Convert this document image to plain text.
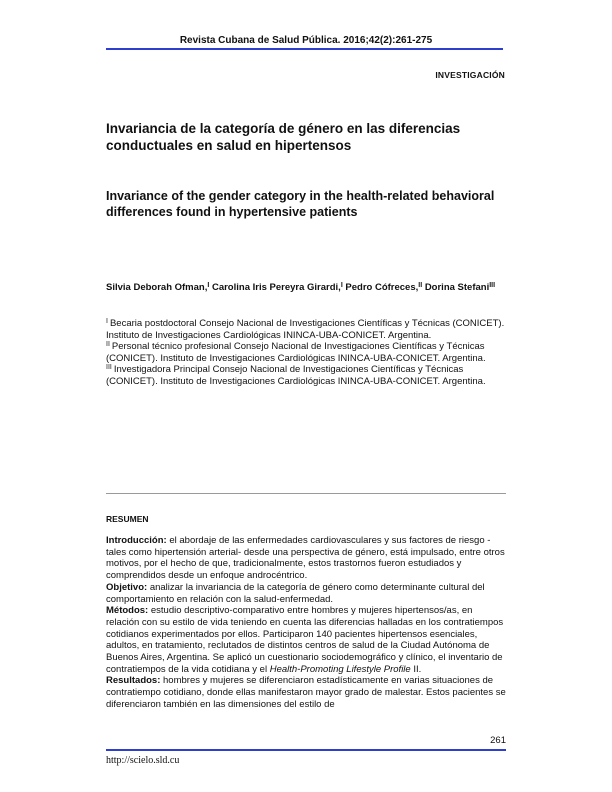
Revista Cubana de Salud Pública. 2016;42(2):261-275
INVESTIGACIÓN
Invariancia de la categoría de género en las diferencias conductuales en salud en hipertensos
Invariance of the gender category in the health-related behavioral differences found in hypertensive patients
Silvia Deborah Ofman,$^I$ Carolina Iris Pereyra Girardi,$^I$ Pedro Cófreces,$^{II}$ Dorina Stefani$^{III}$

$^I$ Becaria postdoctoral Consejo Nacional de Investigaciones Científicas y Técnicas (CONICET). Instituto de Investigaciones Cardiológicas ININCA-UBA-CONICET. Argentina.

$^{II}$ Personal técnico profesional Consejo Nacional de Investigaciones Científicas y Técnicas (CONICET). Instituto de Investigaciones Cardiológicas ININCA-UBA-CONICET. Argentina.

$^{III}$ Investigadora Principal Consejo Nacional de Investigaciones Científicas y Técnicas (CONICET). Instituto de Investigaciones Cardiológicas ININCA-UBA-CONICET. Argentina.

RESUMEN

Introducción: el abordaje de las enfermedades cardiovasculares y sus factores de riesgo -tales como hipertensión arterial- desde una perspectiva de género, está impulsado, entre otros motivos, por el hecho de que, tradicionalmente, estos trastornos fueron estudiados y comprendidos desde un enfoque androcéntrico.

Objetivo: analizar la invariancia de la categoría de género como determinante cultural del comportamiento en relación con la salud-enfermedad.

Métodos: estudio descriptivo-comparativo entre hombres y mujeres hipertensos/as, en relación con su estilo de vida teniendo en cuenta las diferencias halladas en los contratiempos cotidianos experimentados por ellos. Participaron 140 pacientes hipertensos esenciales, adultos, en tratamiento, reclutados de distintos centros de salud de la Ciudad Autónoma de Buenos Aires, Argentina. Se aplicó un cuestionario sociodemográfico y clínico, el inventario de contratiempos de la vida cotidiana y el Health-Promoting Lifestyle Profile II.

Resultados: hombres y mujeres se diferenciaron estadísticamente en varias situaciones de contratiempo cotidiano, donde ellas manifestaron mayor grado de malestar. Estos pacientes se diferenciaron también en las dimensiones del estilo de

261
http://scielo.sld.cu
